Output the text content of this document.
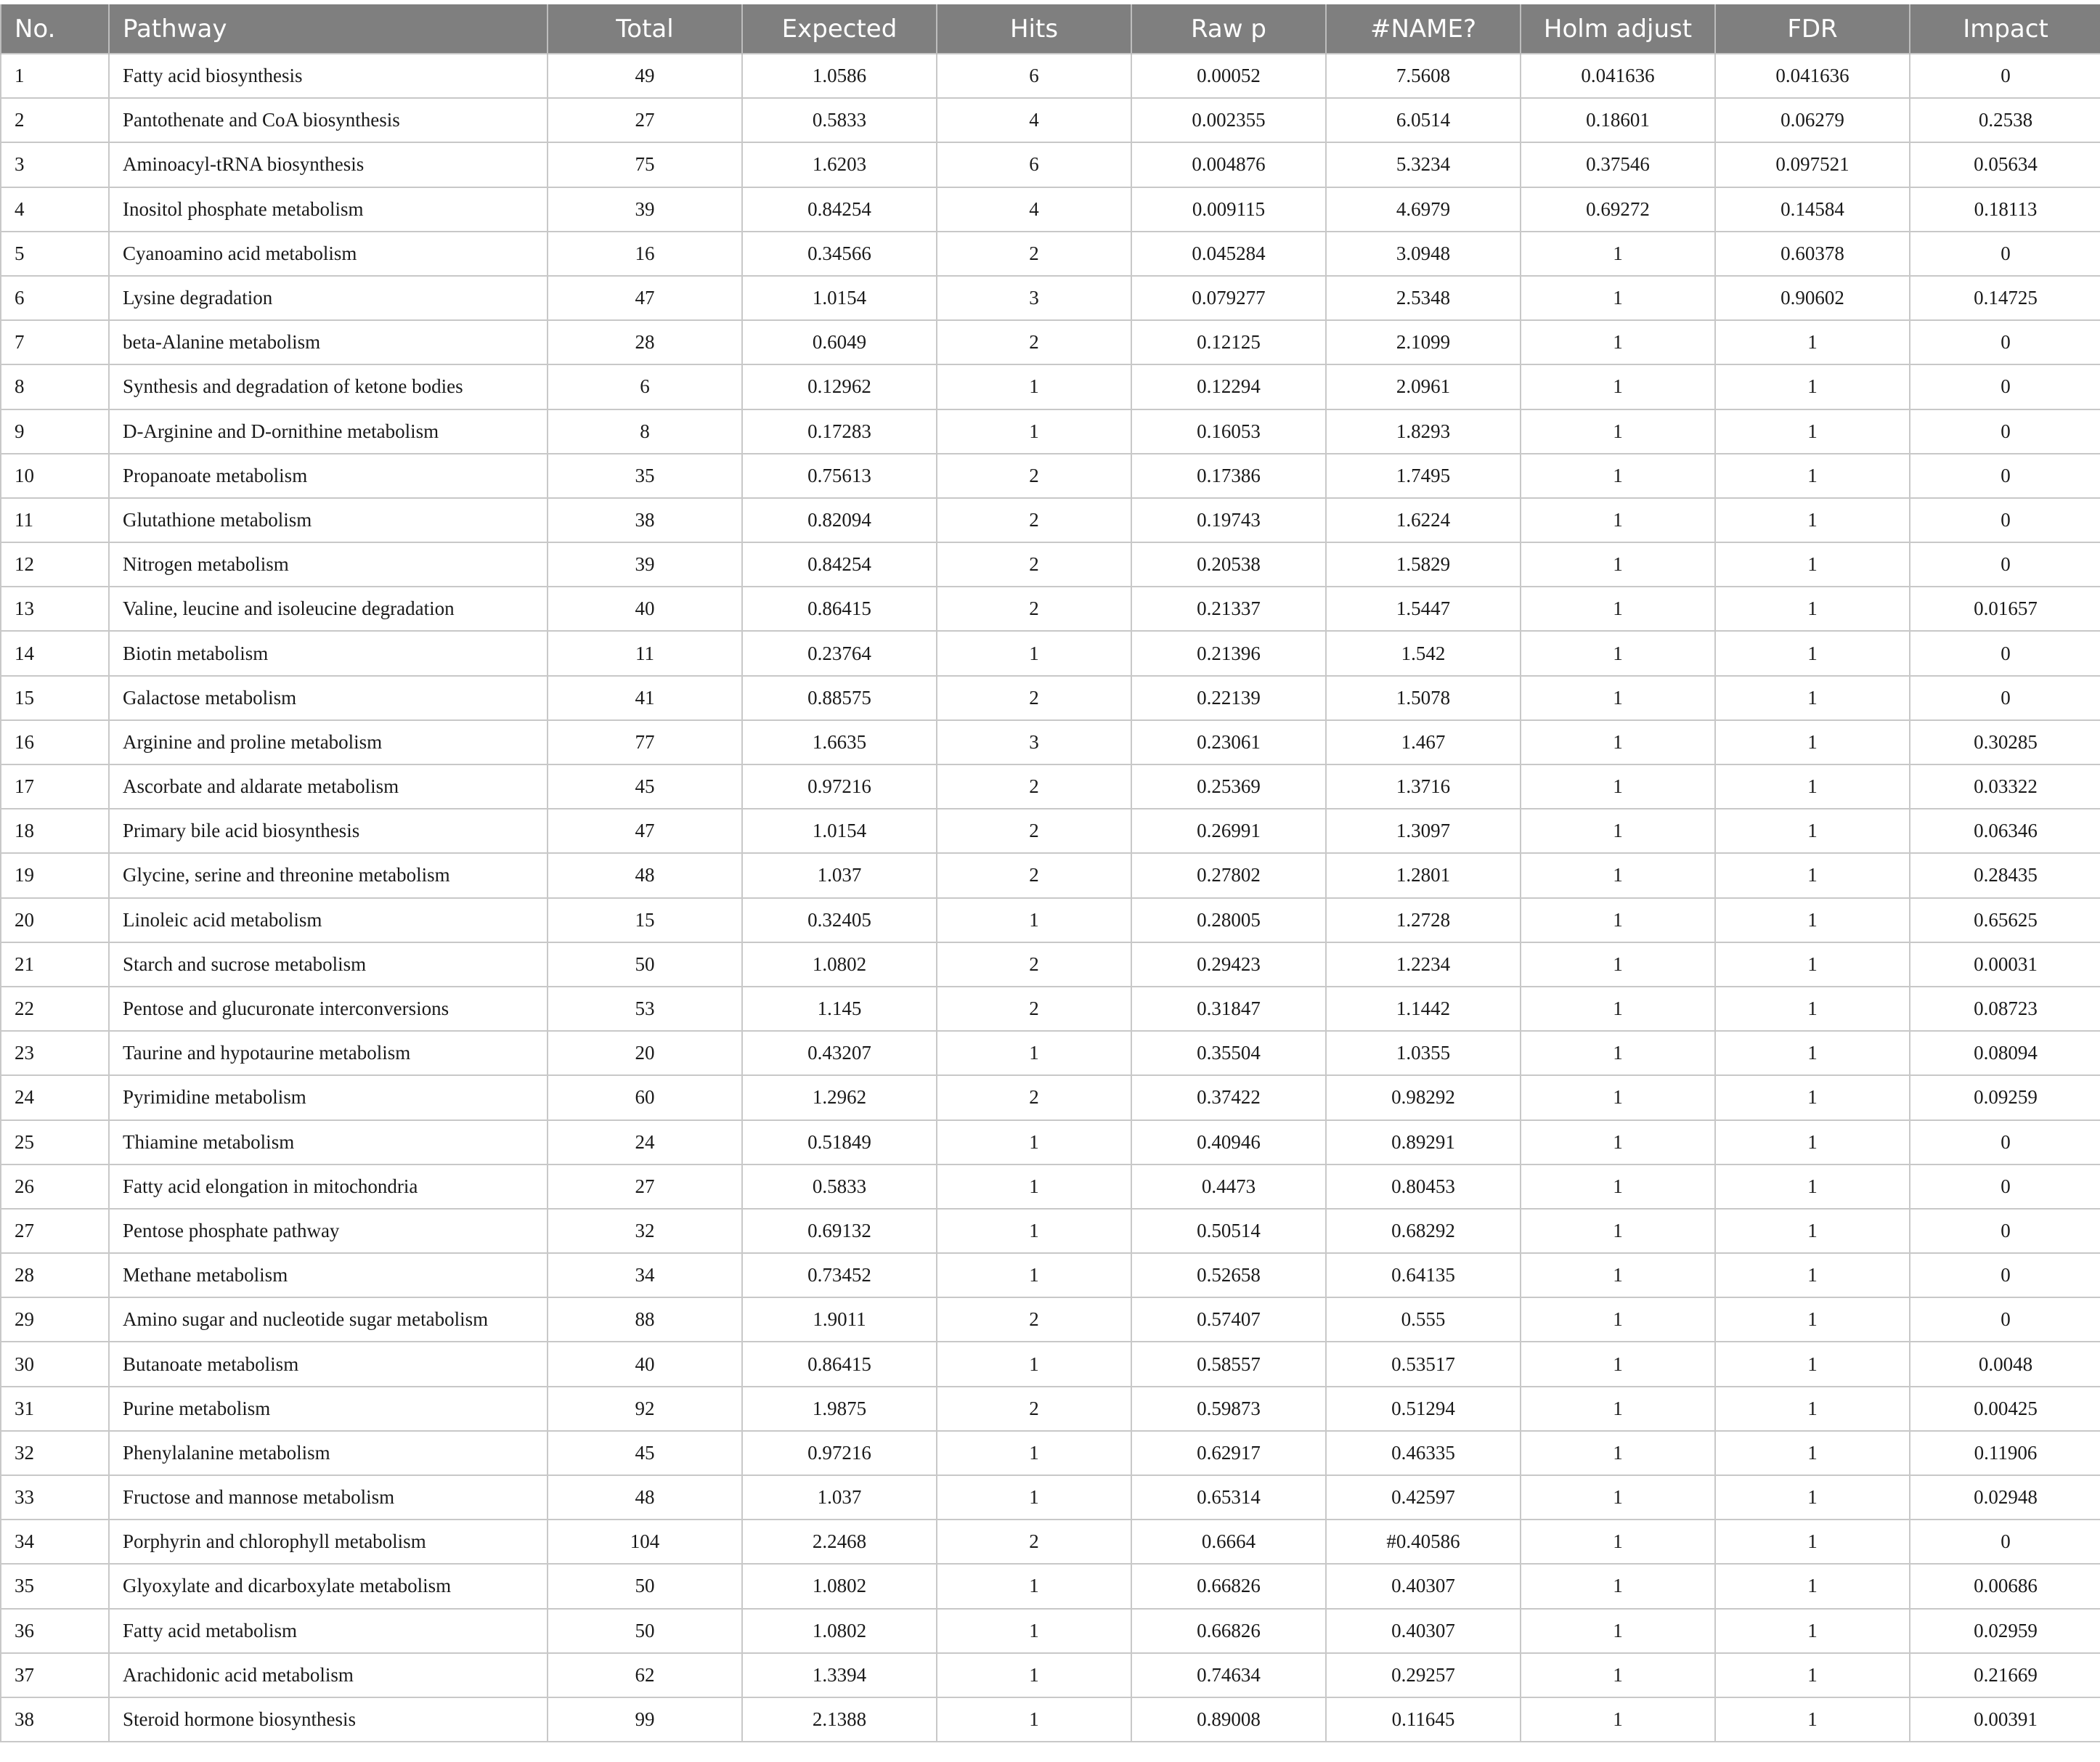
No.	Pathway	Total	Expected	Hits	Raw p	#NAME?	Holm adjust	FDR	Impact
1	Fatty acid biosynthesis	49	1.0586	6	0.00052	7.5608	0.041636	0.041636	0
2	Pantothenate and CoA biosynthesis	27	0.5833	4	0.002355	6.0514	0.18601	0.06279	0.2538
3	Aminoacyl-tRNA biosynthesis	75	1.6203	6	0.004876	5.3234	0.37546	0.097521	0.05634
4	Inositol phosphate metabolism	39	0.84254	4	0.009115	4.6979	0.69272	0.14584	0.18113
5	Cyanoamino acid metabolism	16	0.34566	2	0.045284	3.0948	1	0.60378	0
6	Lysine degradation	47	1.0154	3	0.079277	2.5348	1	0.90602	0.14725
7	beta-Alanine metabolism	28	0.6049	2	0.12125	2.1099	1	1	0
8	Synthesis and degradation of ketone bodies	6	0.12962	1	0.12294	2.0961	1	1	0
9	D-Arginine and D-ornithine metabolism	8	0.17283	1	0.16053	1.8293	1	1	0
10	Propanoate metabolism	35	0.75613	2	0.17386	1.7495	1	1	0
11	Glutathione metabolism	38	0.82094	2	0.19743	1.6224	1	1	0
12	Nitrogen metabolism	39	0.84254	2	0.20538	1.5829	1	1	0
13	Valine, leucine and isoleucine degradation	40	0.86415	2	0.21337	1.5447	1	1	0.01657
14	Biotin metabolism	11	0.23764	1	0.21396	1.542	1	1	0
15	Galactose metabolism	41	0.88575	2	0.22139	1.5078	1	1	0
16	Arginine and proline metabolism	77	1.6635	3	0.23061	1.467	1	1	0.30285
17	Ascorbate and aldarate metabolism	45	0.97216	2	0.25369	1.3716	1	1	0.03322
18	Primary bile acid biosynthesis	47	1.0154	2	0.26991	1.3097	1	1	0.06346
19	Glycine, serine and threonine metabolism	48	1.037	2	0.27802	1.2801	1	1	0.28435
20	Linoleic acid metabolism	15	0.32405	1	0.28005	1.2728	1	1	0.65625
21	Starch and sucrose metabolism	50	1.0802	2	0.29423	1.2234	1	1	0.00031
22	Pentose and glucuronate interconversions	53	1.145	2	0.31847	1.1442	1	1	0.08723
23	Taurine and hypotaurine metabolism	20	0.43207	1	0.35504	1.0355	1	1	0.08094
24	Pyrimidine metabolism	60	1.2962	2	0.37422	0.98292	1	1	0.09259
25	Thiamine metabolism	24	0.51849	1	0.40946	0.89291	1	1	0
26	Fatty acid elongation in mitochondria	27	0.5833	1	0.4473	0.80453	1	1	0
27	Pentose phosphate pathway	32	0.69132	1	0.50514	0.68292	1	1	0
28	Methane metabolism	34	0.73452	1	0.52658	0.64135	1	1	0
29	Amino sugar and nucleotide sugar metabolism	88	1.9011	2	0.57407	0.555	1	1	0
30	Butanoate metabolism	40	0.86415	1	0.58557	0.53517	1	1	0.0048
31	Purine metabolism	92	1.9875	2	0.59873	0.51294	1	1	0.00425
32	Phenylalanine metabolism	45	0.97216	1	0.62917	0.46335	1	1	0.11906
33	Fructose and mannose metabolism	48	1.037	1	0.65314	0.42597	1	1	0.02948
34	Porphyrin and chlorophyll metabolism	104	2.2468	2	0.6664	#0.40586	1	1	0
35	Glyoxylate and dicarboxylate metabolism	50	1.0802	1	0.66826	0.40307	1	1	0.00686
36	Fatty acid metabolism	50	1.0802	1	0.66826	0.40307	1	1	0.02959
37	Arachidonic acid metabolism	62	1.3394	1	0.74634	0.29257	1	1	0.21669
38	Steroid hormone biosynthesis	99	2.1388	1	0.89008	0.11645	1	1	0.00391
